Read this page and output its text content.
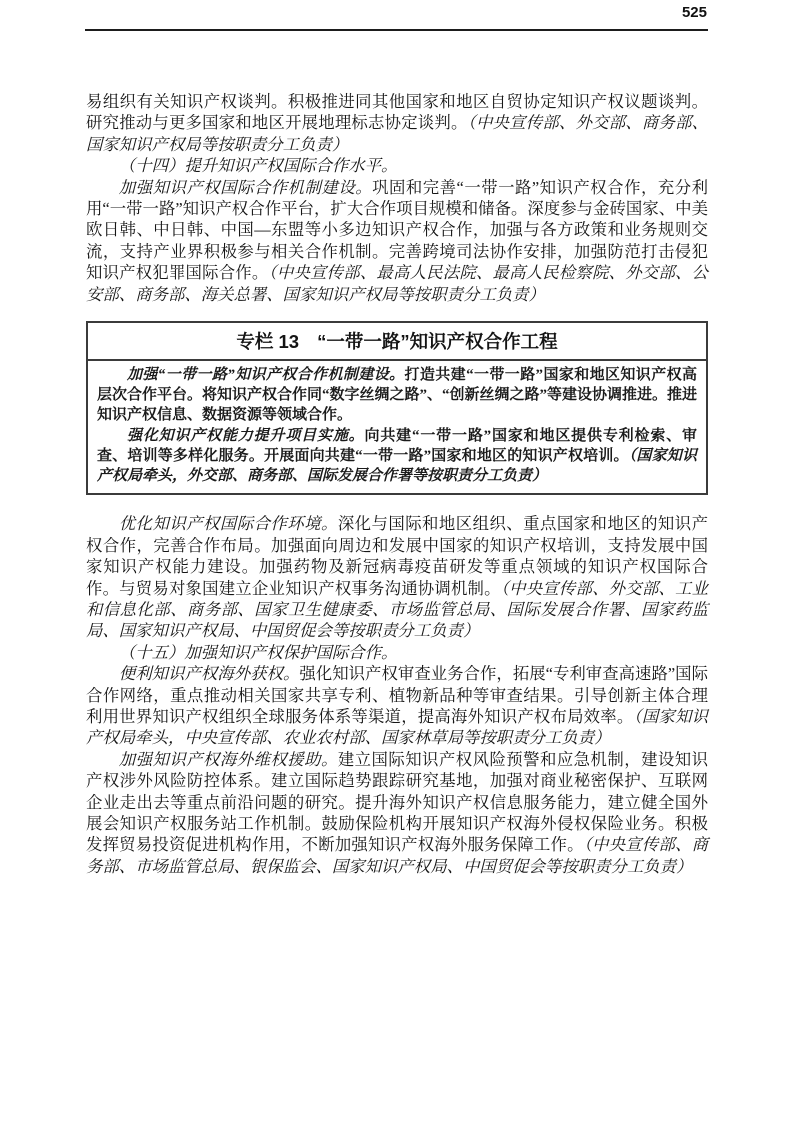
525

易组织有关知识产权谈判。积极推进同其他国家和地区自贸协定知识产权议题谈判。研究推动与更多国家和地区开展地理标志协定谈判。（中央宣传部、外交部、商务部、国家知识产权局等按职责分工负责）

（十四）提升知识产权国际合作水平。

加强知识产权国际合作机制建设。巩固和完善“一带一路”知识产权合作，充分利用“一带一路”知识产权合作平台，扩大合作项目规模和储备。深度参与金砖国家、中美欧日韩、中日韩、中国—东盟等小多边知识产权合作，加强与各方政策和业务规则交流，支持产业界积极参与相关合作机制。完善跨境司法协作安排，加强防范打击侵犯知识产权犯罪国际合作。（中央宣传部、最高人民法院、最高人民检察院、外交部、公安部、商务部、海关总署、国家知识产权局等按职责分工负责）

专栏 13 “一带一路”知识产权合作工程

加强“一带一路”知识产权合作机制建设。打造共建“一带一路”国家和地区知识产权高层次合作平台。将知识产权合作同“数字丝绸之路”、“创新丝绸之路”等建设协调推进。推进知识产权信息、数据资源等领域合作。

强化知识产权能力提升项目实施。向共建“一带一路”国家和地区提供专利检索、审查、培训等多样化服务。开展面向共建“一带一路”国家和地区的知识产权培训。（国家知识产权局牵头，外交部、商务部、国际发展合作署等按职责分工负责）

优化知识产权国际合作环境。深化与国际和地区组织、重点国家和地区的知识产权合作，完善合作布局。加强面向周边和发展中国家的知识产权培训，支持发展中国家知识产权能力建设。加强药物及新冠病毒疫苗研发等重点领域的知识产权国际合作。与贸易对象国建立企业知识产权事务沟通协调机制。（中央宣传部、外交部、工业和信息化部、商务部、国家卫生健康委、市场监管总局、国际发展合作署、国家药监局、国家知识产权局、中国贸促会等按职责分工负责）

（十五）加强知识产权保护国际合作。

便利知识产权海外获权。强化知识产权审查业务合作，拓展“专利审查高速路”国际合作网络，重点推动相关国家共享专利、植物新品种等审查结果。引导创新主体合理利用世界知识产权组织全球服务体系等渠道，提高海外知识产权布局效率。（国家知识产权局牵头，中央宣传部、农业农村部、国家林草局等按职责分工负责）

加强知识产权海外维权援助。建立国际知识产权风险预警和应急机制，建设知识产权涉外风险防控体系。建立国际趋势跟踪研究基地，加强对商业秘密保护、互联网企业走出去等重点前沿问题的研究。提升海外知识产权信息服务能力，建立健全国外展会知识产权服务站工作机制。鼓励保险机构开展知识产权海外侵权保险业务。积极发挥贸易投资促进机构作用，不断加强知识产权海外服务保障工作。（中央宣传部、商务部、市场监管总局、银保监会、国家知识产权局、中国贸促会等按职责分工负责）
